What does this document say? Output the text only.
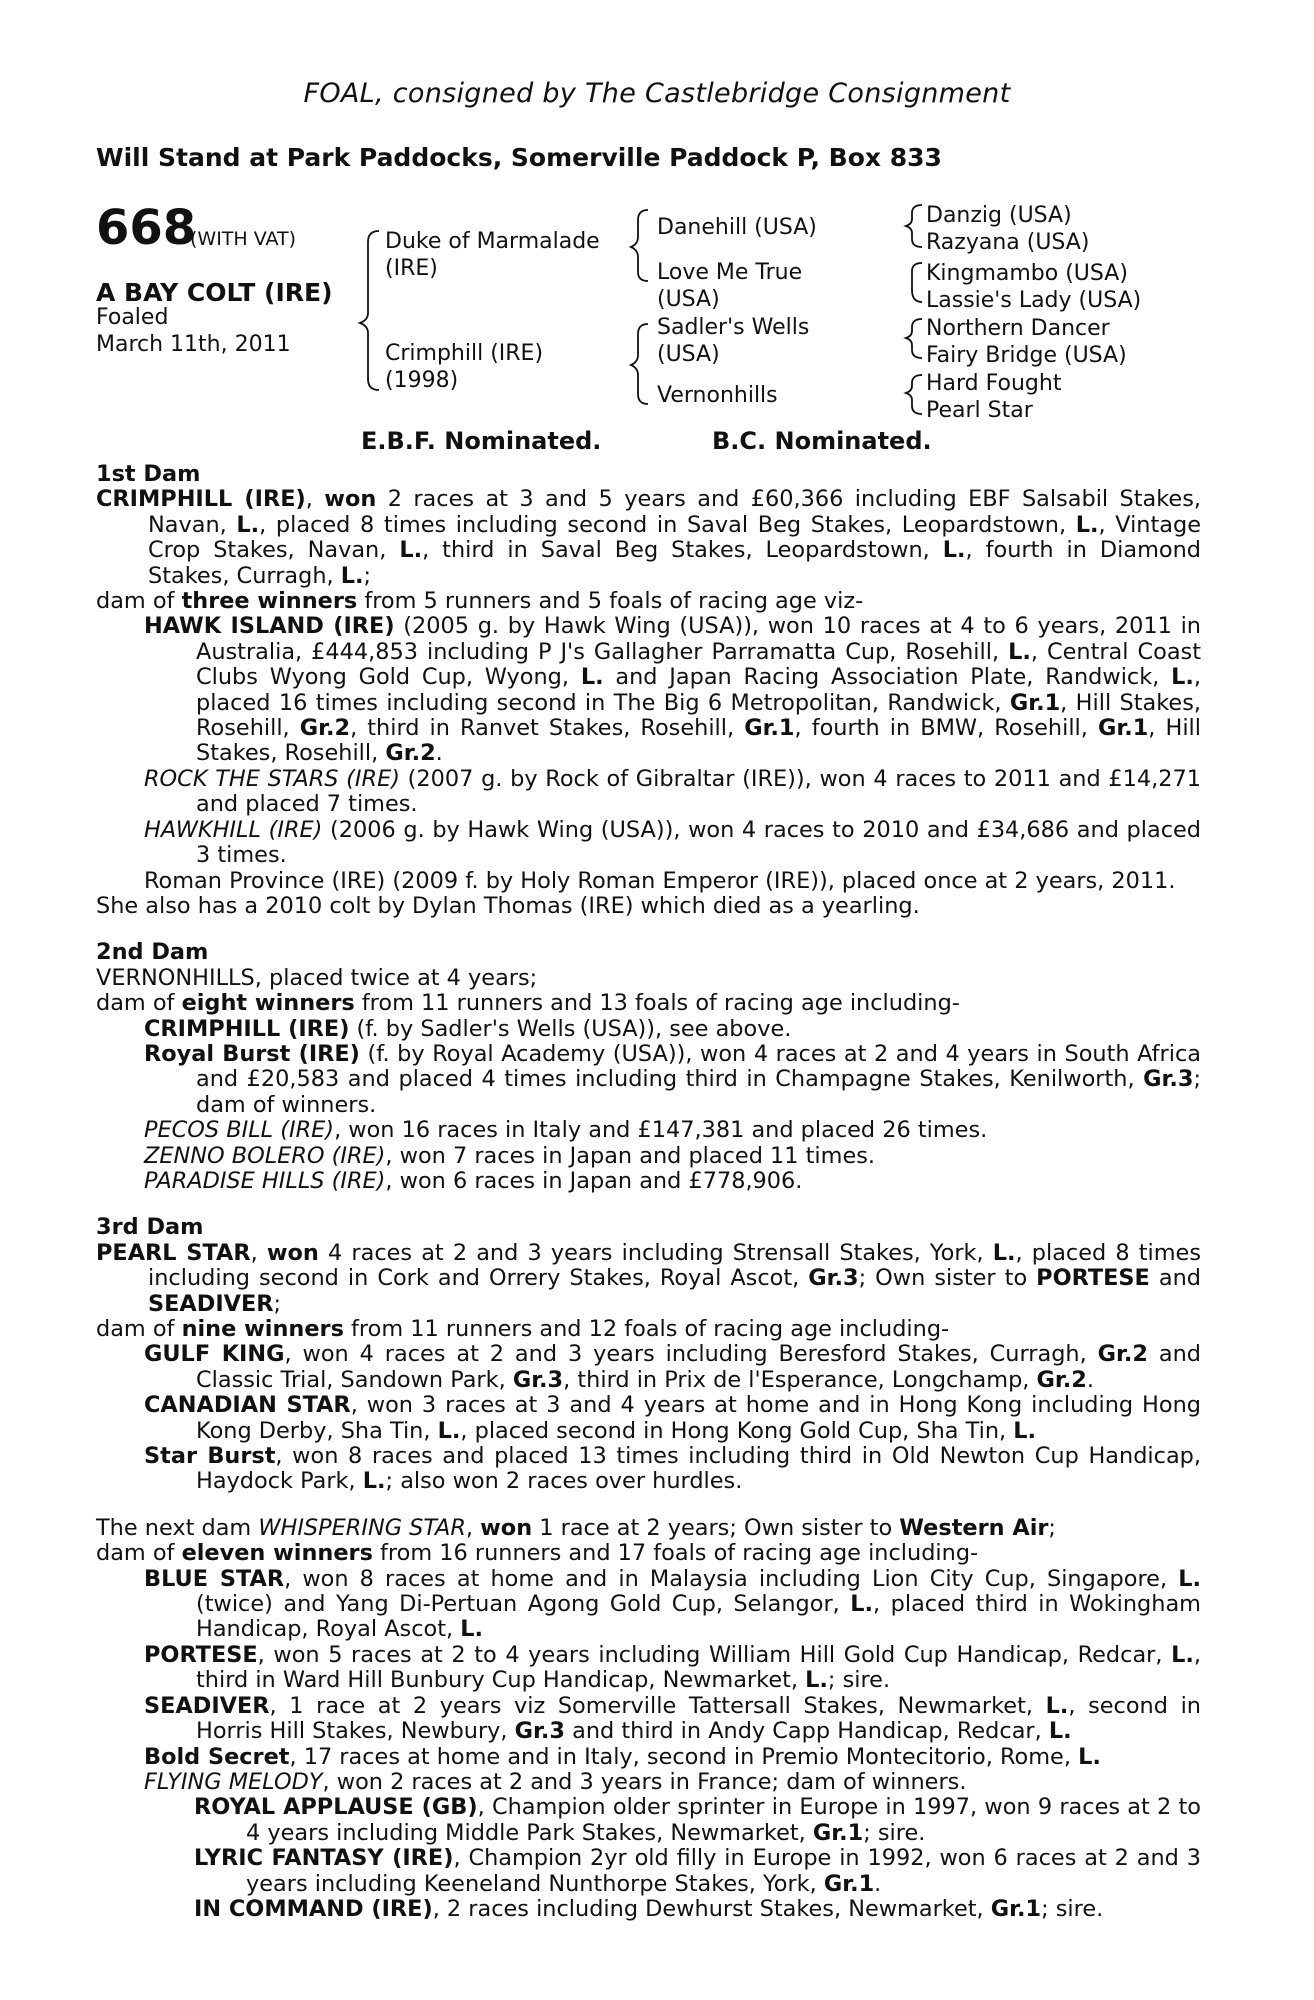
FOAL, consigned by The Castlebridge Consignment
Will Stand at Park Paddocks, Somerville Paddock P, Box 833
668
(WITH VAT)
A BAY COLT (IRE)
Foaled
March 11th, 2011
Duke of Marmalade
(IRE)
Crimphill (IRE)
(1998)
Danehill (USA)
Love Me True
(USA)
Sadler's Wells
(USA)
Vernonhills
Danzig (USA)
Razyana (USA)
Kingmambo (USA)
Lassie's Lady (USA)
Northern Dancer
Fairy Bridge (USA)
Hard Fought
Pearl Star
E.B.F. Nominated.	B.C. Nominated.

1st Dam

CRIMPHILL (IRE), won 2 races at 3 and 5 years and £60,366 including EBF Salsabil Stakes, Navan, L., placed 8 times including second in Saval Beg Stakes, Leopardstown, L., Vintage Crop Stakes, Navan, L., third in Saval Beg Stakes, Leopardstown, L., fourth in Diamond Stakes, Curragh, L.;

dam of three winners from 5 runners and 5 foals of racing age viz-

HAWK ISLAND (IRE) (2005 g. by Hawk Wing (USA)), won 10 races at 4 to 6 years, 2011 in Australia, £444,853 including P J's Gallagher Parramatta Cup, Rosehill, L., Central Coast Clubs Wyong Gold Cup, Wyong, L. and Japan Racing Association Plate, Randwick, L., placed 16 times including second in The Big 6 Metropolitan, Randwick, Gr.1, Hill Stakes, Rosehill, Gr.2, third in Ranvet Stakes, Rosehill, Gr.1, fourth in BMW, Rosehill, Gr.1, Hill Stakes, Rosehill, Gr.2.

ROCK THE STARS (IRE) (2007 g. by Rock of Gibraltar (IRE)), won 4 races to 2011 and £14,271 and placed 7 times.

HAWKHILL (IRE) (2006 g. by Hawk Wing (USA)), won 4 races to 2010 and £34,686 and placed 3 times.

Roman Province (IRE) (2009 f. by Holy Roman Emperor (IRE)), placed once at 2 years, 2011.

She also has a 2010 colt by Dylan Thomas (IRE) which died as a yearling.

2nd Dam

VERNONHILLS, placed twice at 4 years;

dam of eight winners from 11 runners and 13 foals of racing age including-

CRIMPHILL (IRE) (f. by Sadler's Wells (USA)), see above.

Royal Burst (IRE) (f. by Royal Academy (USA)), won 4 races at 2 and 4 years in South Africa and £20,583 and placed 4 times including third in Champagne Stakes, Kenilworth, Gr.3; dam of winners.

PECOS BILL (IRE), won 16 races in Italy and £147,381 and placed 26 times.

ZENNO BOLERO (IRE), won 7 races in Japan and placed 11 times.

PARADISE HILLS (IRE), won 6 races in Japan and £778,906.

3rd Dam

PEARL STAR, won 4 races at 2 and 3 years including Strensall Stakes, York, L., placed 8 times including second in Cork and Orrery Stakes, Royal Ascot, Gr.3; Own sister to PORTESE and SEADIVER;

dam of nine winners from 11 runners and 12 foals of racing age including-

GULF KING, won 4 races at 2 and 3 years including Beresford Stakes, Curragh, Gr.2 and Classic Trial, Sandown Park, Gr.3, third in Prix de l'Esperance, Longchamp, Gr.2.

CANADIAN STAR, won 3 races at 3 and 4 years at home and in Hong Kong including Hong Kong Derby, Sha Tin, L., placed second in Hong Kong Gold Cup, Sha Tin, L.

Star Burst, won 8 races and placed 13 times including third in Old Newton Cup Handicap, Haydock Park, L.; also won 2 races over hurdles.

The next dam WHISPERING STAR, won 1 race at 2 years; Own sister to Western Air;

dam of eleven winners from 16 runners and 17 foals of racing age including-

BLUE STAR, won 8 races at home and in Malaysia including Lion City Cup, Singapore, L. (twice) and Yang Di-Pertuan Agong Gold Cup, Selangor, L., placed third in Wokingham Handicap, Royal Ascot, L.

PORTESE, won 5 races at 2 to 4 years including William Hill Gold Cup Handicap, Redcar, L., third in Ward Hill Bunbury Cup Handicap, Newmarket, L.; sire.

SEADIVER, 1 race at 2 years viz Somerville Tattersall Stakes, Newmarket, L., second in Horris Hill Stakes, Newbury, Gr.3 and third in Andy Capp Handicap, Redcar, L.

Bold Secret, 17 races at home and in Italy, second in Premio Montecitorio, Rome, L.

FLYING MELODY, won 2 races at 2 and 3 years in France; dam of winners.

ROYAL APPLAUSE (GB), Champion older sprinter in Europe in 1997, won 9 races at 2 to 4 years including Middle Park Stakes, Newmarket, Gr.1; sire.

LYRIC FANTASY (IRE), Champion 2yr old filly in Europe in 1992, won 6 races at 2 and 3 years including Keeneland Nunthorpe Stakes, York, Gr.1.

IN COMMAND (IRE), 2 races including Dewhurst Stakes, Newmarket, Gr.1; sire.
